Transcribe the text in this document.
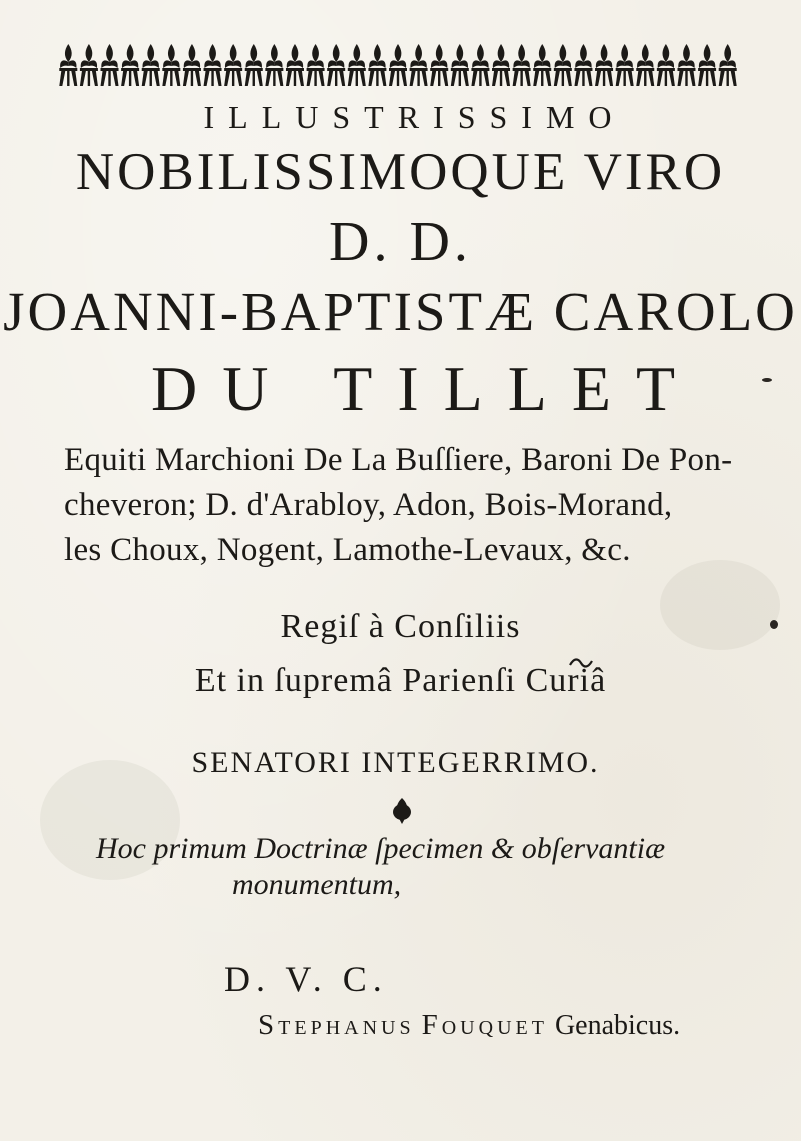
ILLUSTRISSIMO
NOBILISSIMOQUE VIRO
D. D.
JOANNI-BAPTISTÆ CAROLO
DU TILLET
Equiti Marchioni De La Buſſiere, Baroni De Pon-
cheveron; D. d'Arabloy, Adon, Bois-Morand,
les Choux, Nogent, Lamothe-Levaux, &c.
Regiſ à Conſiliis
Et in ſupremâ Parienſi Curiâ
SENATORI INTEGERRIMO.
Hoc primum Doctrinæ ſpecimen & obſervantiæ
monumentum,
D. V. C.
STEPHANUS FOUQUET Genabicus.
